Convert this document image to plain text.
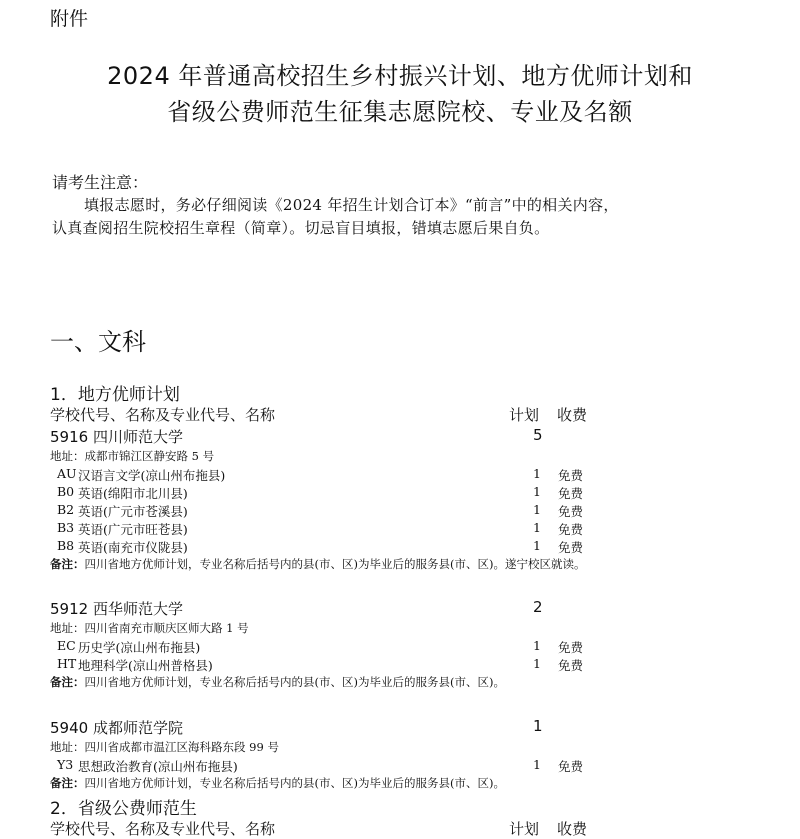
附件
2024 年普通高校招生乡村振兴计划、地方优师计划和
省级公费师范生征集志愿院校、专业及名额
请考生注意：
填报志愿时，务必仔细阅读《2024 年招生计划合订本》“前言”中的相关内容，
认真查阅招生院校招生章程（简章）。切忌盲目填报，错填志愿后果自负。
一、文科
1．地方优师计划
学校代号、名称及专业代号、名称	计划 收费
5916 四川师范大学	5
地址：成都市锦江区静安路 5 号
AU 汉语言文学(凉山州布拖县)	1 免费
B0 英语(绵阳市北川县)	1 免费
B2 英语(广元市苍溪县)	1 免费
B3 英语(广元市旺苍县)	1 免费
B8 英语(南充市仪陇县)	1 免费
备注：四川省地方优师计划，专业名称后括号内的县(市、区)为毕业后的服务县(市、区)。遂宁校区就读。
5912 西华师范大学	2
地址：四川省南充市顺庆区师大路 1 号
EC 历史学(凉山州布拖县)	1 免费
HT 地理科学(凉山州普格县)	1 免费
备注：四川省地方优师计划，专业名称后括号内的县(市、区)为毕业后的服务县(市、区)。
5940 成都师范学院	1
地址：四川省成都市温江区海科路东段 99 号
Y3 思想政治教育(凉山州布拖县)	1 免费
备注：四川省地方优师计划，专业名称后括号内的县(市、区)为毕业后的服务县(市、区)。
2．省级公费师范生
学校代号、名称及专业代号、名称	计划 收费
